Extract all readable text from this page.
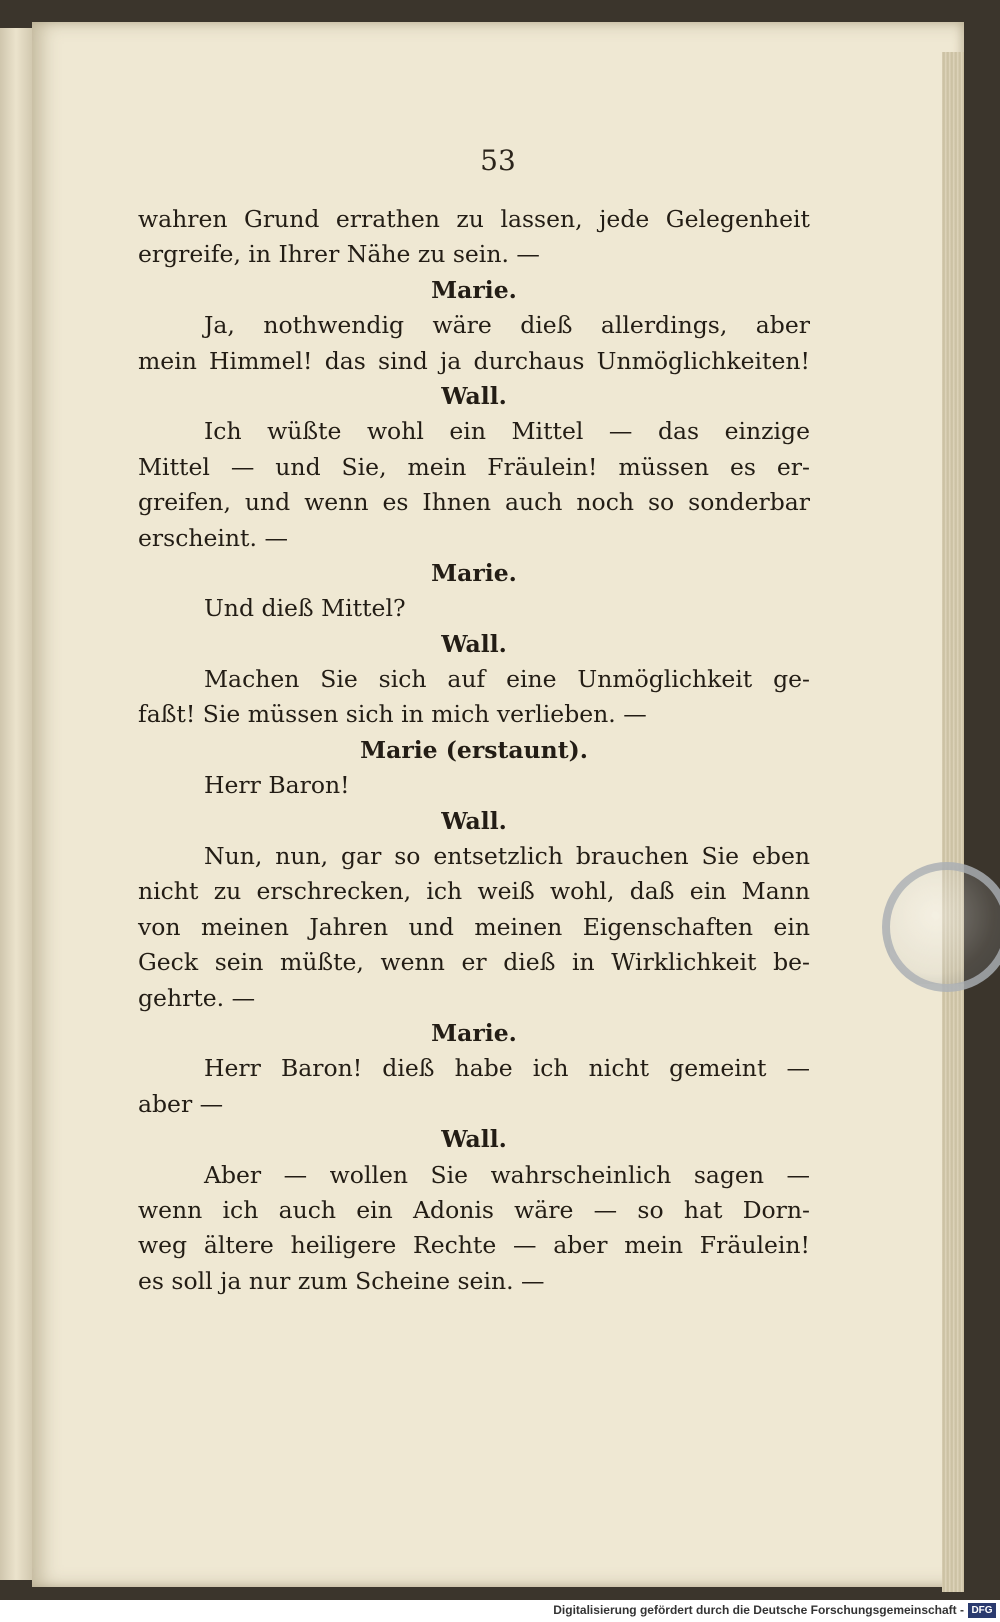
53
wahren Grund errathen zu lassen, jede Gelegenheit
ergreife, in Ihrer Nähe zu sein. —
Marie.
Ja, nothwendig wäre dieß allerdings, aber
mein Himmel! das sind ja durchaus Unmöglichkeiten!
Wall.
Ich wüßte wohl ein Mittel — das einzige
Mittel — und Sie, mein Fräulein! müssen es er-
greifen, und wenn es Ihnen auch noch so sonderbar
erscheint. —
Marie.
Und dieß Mittel?
Wall.
Machen Sie sich auf eine Unmöglichkeit ge-
faßt! Sie müssen sich in mich verlieben. —
Marie (erstaunt).
Herr Baron!
Wall.
Nun, nun, gar so entsetzlich brauchen Sie eben
nicht zu erschrecken, ich weiß wohl, daß ein Mann
von meinen Jahren und meinen Eigenschaften ein
Geck sein müßte, wenn er dieß in Wirklichkeit be-
gehrte. —
Marie.
Herr Baron! dieß habe ich nicht gemeint —
aber —
Wall.
Aber — wollen Sie wahrscheinlich sagen —
wenn ich auch ein Adonis wäre — so hat Dorn-
weg ältere heiligere Rechte — aber mein Fräulein!
es soll ja nur zum Scheine sein. —
Digitalisierung gefördert durch die Deutsche Forschungsgemeinschaft - DFG
